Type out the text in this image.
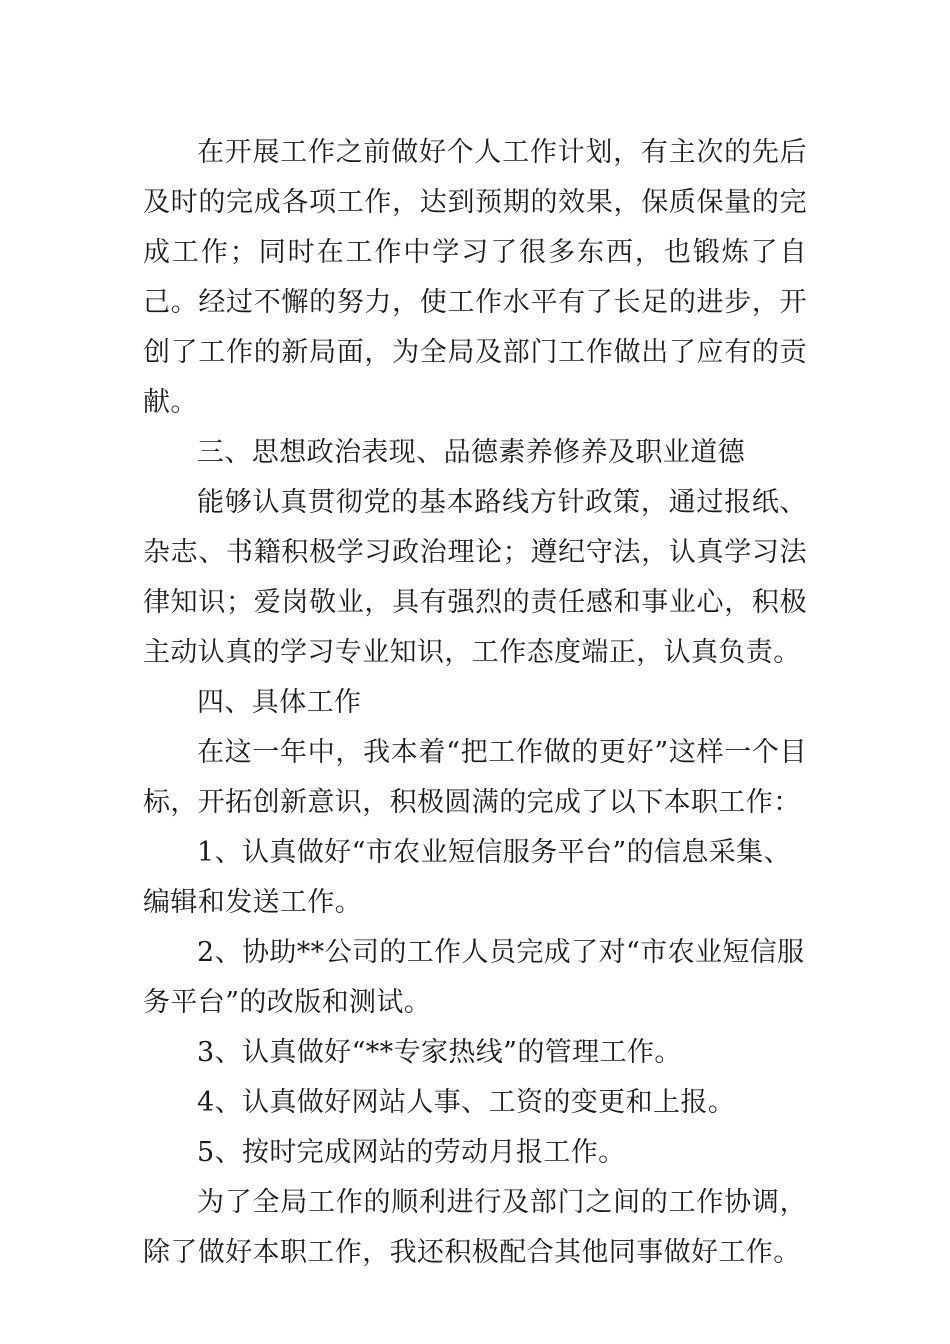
在开展工作之前做好个人工作计划，有主次的先后及时的完成各项工作，达到预期的效果，保质保量的完成工作；同时在工作中学习了很多东西，也锻炼了自己。经过不懈的努力，使工作水平有了长足的进步，开创了工作的新局面，为全局及部门工作做出了应有的贡献。

三、思想政治表现、品德素养修养及职业道德

能够认真贯彻党的基本路线方针政策，通过报纸、杂志、书籍积极学习政治理论；遵纪守法，认真学习法律知识；爱岗敬业，具有强烈的责任感和事业心，积极主动认真的学习专业知识，工作态度端正，认真负责。

四、具体工作

在这一年中，我本着“把工作做的更好”这样一个目标，开拓创新意识，积极圆满的完成了以下本职工作：

1、认真做好“市农业短信服务平台”的信息采集、编辑和发送工作。

2、协助**公司的工作人员完成了对“市农业短信服务平台”的改版和测试。

3、认真做好“**专家热线”的管理工作。

4、认真做好网站人事、工资的变更和上报。

5、按时完成网站的劳动月报工作。

为了全局工作的顺利进行及部门之间的工作协调，除了做好本职工作，我还积极配合其他同事做好工作。
